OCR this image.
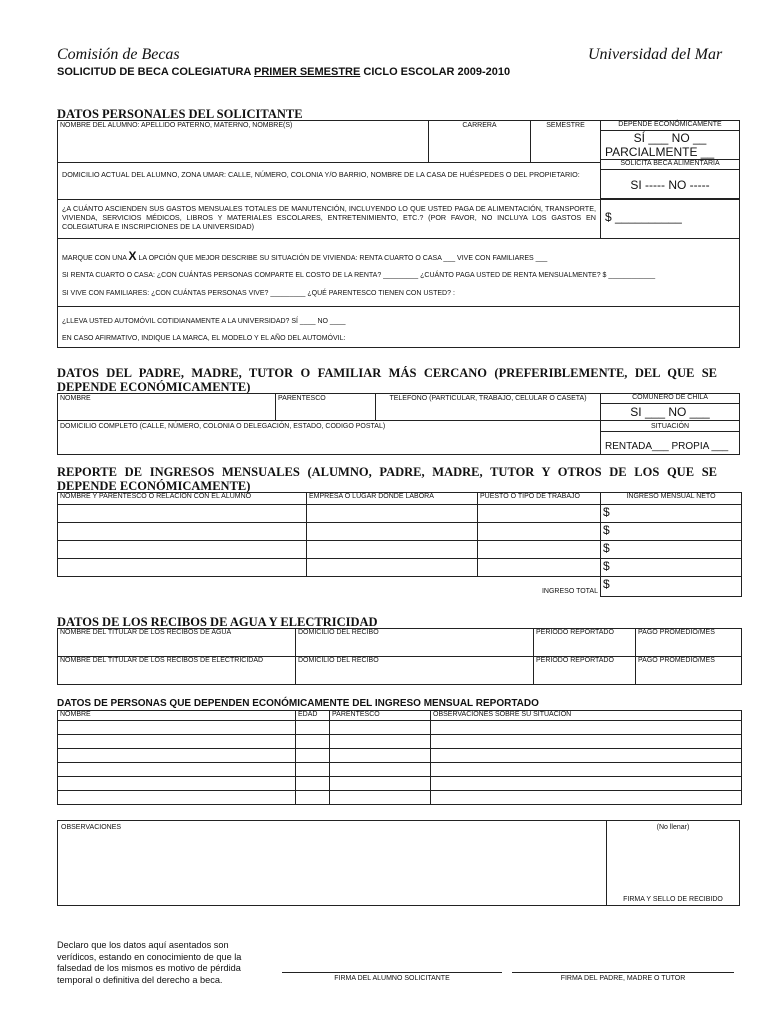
Comisión de Becas	Universidad del Mar
SOLICITUD DE BECA COLEGIATURA PRIMER SEMESTRE CICLO ESCOLAR 2009-2010
DATOS PERSONALES DEL SOLICITANTE
NOMBRE DEL ALUMNO: APELLIDO PATERNO, MATERNO, NOMBRE(S)	CARRERA	SEMESTRE	DEPENDE ECONÓMICAMENTE
SÍ ___ NO __
PARCIALMENTE __
SOLICITA BECA ALIMENTARIA
SI ----- NO -----
DOMICILIO ACTUAL DEL ALUMNO, ZONA UMAR: CALLE, NÚMERO, COLONIA Y/O BARRIO, NOMBRE DE LA CASA DE HUÉSPEDES O DEL PROPIETARIO:
¿A CUÁNTO ASCIENDEN SUS GASTOS MENSUALES TOTALES DE MANUTENCIÓN, INCLUYENDO LO QUE USTED PAGA DE ALIMENTACIÓN, TRANSPORTE, VIVIENDA, SERVICIOS MÉDICOS, LIBROS Y MATERIALES ESCOLARES, ENTRETENIMIENTO, ETC.? (POR FAVOR, NO INCLUYA LOS GASTOS EN COLEGIATURA E INSCRIPCIONES DE LA UNIVERSIDAD)
$ __________
MARQUE CON UNA X LA OPCIÓN QUE MEJOR DESCRIBE SU SITUACIÓN DE VIVIENDA: RENTA CUARTO O CASA ___ VIVE CON FAMILIARES ___
SI RENTA CUARTO O CASA: ¿CON CUÁNTAS PERSONAS COMPARTE EL COSTO DE LA RENTA? _________ ¿CUÁNTO PAGA USTED DE RENTA MENSUALMENTE? $ ____________
SI VIVE CON FAMILIARES: ¿CON CUÁNTAS PERSONAS VIVE? _________ ¿QUÉ PARENTESCO TIENEN CON USTED? :
¿LLEVA USTED AUTOMÓVIL COTIDIANAMENTE A LA UNIVERSIDAD? SÍ ____ NO ____
EN CASO AFIRMATIVO, INDIQUE LA MARCA, EL MODELO Y EL AÑO DEL AUTOMÓVIL:
DATOS DEL PADRE, MADRE, TUTOR O FAMILIAR MÁS CERCANO (PREFERIBLEMENTE, DEL QUE SE DEPENDE ECONÓMICAMENTE)
NOMBRE	PARENTESCO	TELEFONO (PARTICULAR, TRABAJO, CELULAR O CASETA)	COMUNERO DE CHILA
SI ___ NO ___
DOMICILIO COMPLETO (CALLE, NÚMERO, COLONIA O DELEGACIÓN, ESTADO, CODIGO POSTAL)	SITUACIÓN
RENTADA___ PROPIA ___
REPORTE DE INGRESOS MENSUALES (ALUMNO, PADRE, MADRE, TUTOR Y OTROS DE LOS QUE SE DEPENDE ECONÓMICAMENTE)
NOMBRE Y PARENTESCO O RELACIÓN CON EL ALUMNO	EMPRESA O LUGAR DONDE LABORA	PUESTO O TIPO DE TRABAJO	INGRESO MENSUAL NETO
			$
			$
			$
			$
		INGRESO TOTAL	$
DATOS DE LOS RECIBOS DE AGUA Y ELECTRICIDAD
NOMBRE DEL TITULAR DE LOS RECIBOS DE AGUA	DOMICILIO DEL RECIBO	PERIODO REPORTADO	PAGO PROMEDIO/MES
NOMBRE DEL TITULAR DE LOS RECIBOS DE ELECTRICIDAD	DOMICILIO DEL RECIBO	PERIODO REPORTADO	PAGO PROMEDIO/MES
DATOS DE PERSONAS QUE DEPENDEN ECONÓMICAMENTE DEL INGRESO MENSUAL REPORTADO
NOMBRE	EDAD	PARENTESCO	OBSERVACIONES SOBRE SU SITUACIÓN

OBSERVACIONES	(No llenar)
FIRMA Y SELLO DE RECIBIDO
Declaro que los datos aquí asentados son verídicos, estando en conocimiento de que la falsedad de los mismos es motivo de pérdida temporal o definitiva del derecho a beca.	FIRMA DEL ALUMNO SOLICITANTE	FIRMA DEL PADRE, MADRE O TUTOR
